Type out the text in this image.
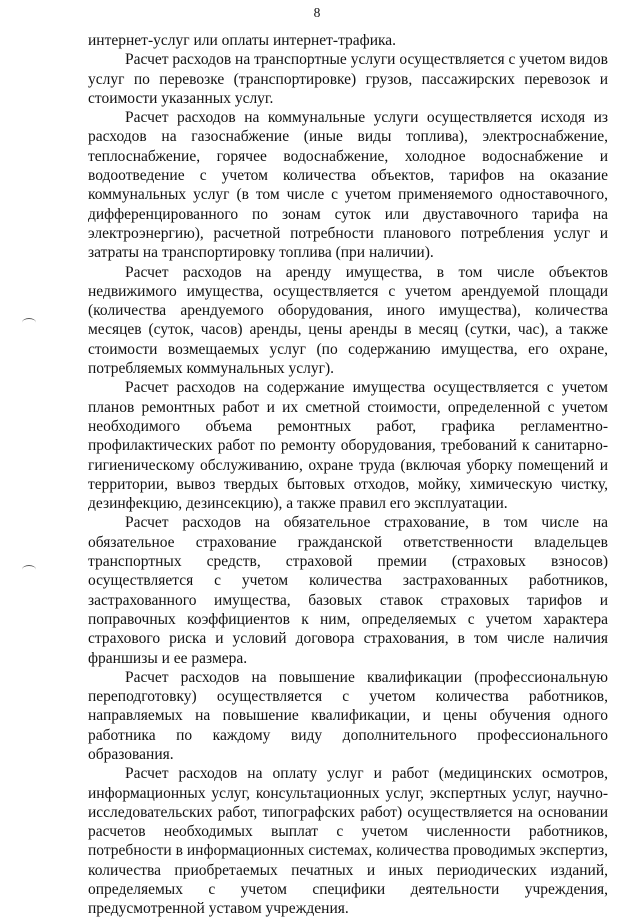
8

интернет-услуг или оплаты интернет-трафика.

Расчет расходов на транспортные услуги осуществляется с учетом видов услуг по перевозке (транспортировке) грузов, пассажирских перевозок и стоимости указанных услуг.

Расчет расходов на коммунальные услуги осуществляется исходя из расходов на газоснабжение (иные виды топлива), электроснабжение, теплоснабжение, горячее водоснабжение, холодное водоснабжение и водоотведение с учетом количества объектов, тарифов на оказание коммунальных услуг (в том числе с учетом применяемого одноставочного, дифференцированного по зонам суток или двуставочного тарифа на электроэнергию), расчетной потребности планового потребления услуг и затраты на транспортировку топлива (при наличии).

Расчет расходов на аренду имущества, в том числе объектов недвижимого имущества, осуществляется с учетом арендуемой площади (количества арендуемого оборудования, иного имущества), количества месяцев (суток, часов) аренды, цены аренды в месяц (сутки, час), а также стоимости возмещаемых услуг (по содержанию имущества, его охране, потребляемых коммунальных услуг).

Расчет расходов на содержание имущества осуществляется с учетом планов ремонтных работ и их сметной стоимости, определенной с учетом необходимого объема ремонтных работ, графика регламентно-профилактических работ по ремонту оборудования, требований к санитарно-гигиеническому обслуживанию, охране труда (включая уборку помещений и территории, вывоз твердых бытовых отходов, мойку, химическую чистку, дезинфекцию, дезинсекцию), а также правил его эксплуатации.

Расчет расходов на обязательное страхование, в том числе на обязательное страхование гражданской ответственности владельцев транспортных средств, страховой премии (страховых взносов) осуществляется с учетом количества застрахованных работников, застрахованного имущества, базовых ставок страховых тарифов и поправочных коэффициентов к ним, определяемых с учетом характера страхового риска и условий договора страхования, в том числе наличия франшизы и ее размера.

Расчет расходов на повышение квалификации (профессиональную переподготовку) осуществляется с учетом количества работников, направляемых на повышение квалификации, и цены обучения одного работника по каждому виду дополнительного профессионального образования.

Расчет расходов на оплату услуг и работ (медицинских осмотров, информационных услуг, консультационных услуг, экспертных услуг, научно-исследовательских работ, типографских работ) осуществляется на основании расчетов необходимых выплат с учетом численности работников, потребности в информационных системах, количества проводимых экспертиз, количества приобретаемых печатных и иных периодических изданий, определяемых с учетом специфики деятельности учреждения, предусмотренной уставом учреждения.
